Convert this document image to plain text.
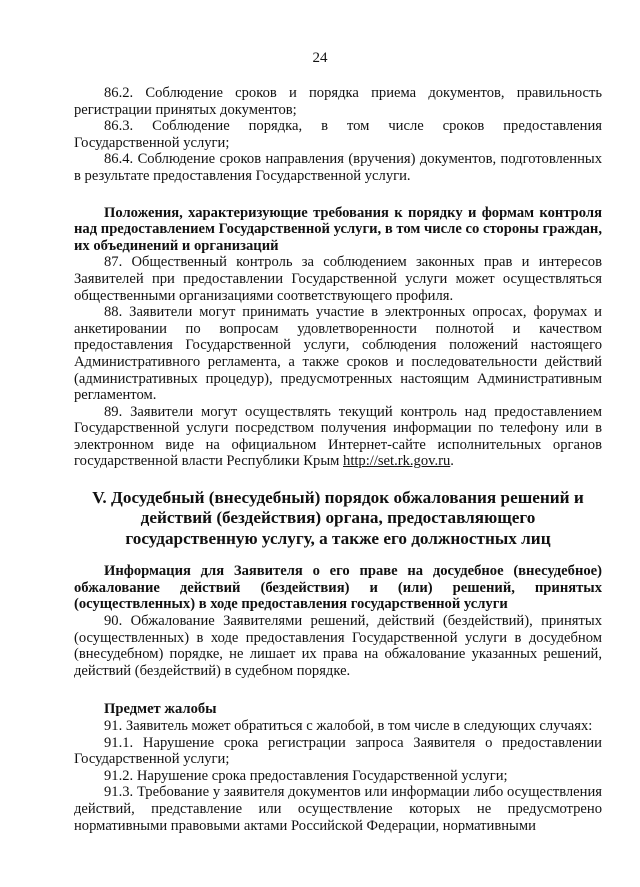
24

86.2. Соблюдение сроков и порядка приема документов, правильность регистрации принятых документов;

86.3. Соблюдение порядка, в том числе сроков предоставления Государственной услуги;

86.4. Соблюдение сроков направления (вручения) документов, подготовленных в результате предоставления Государственной услуги.

Положения, характеризующие требования к порядку и формам контроля над предоставлением Государственной услуги, в том числе со стороны граждан, их объединений и организаций

87. Общественный контроль за соблюдением законных прав и интересов Заявителей при предоставлении Государственной услуги может осуществляться общественными организациями соответствующего профиля.

88. Заявители могут принимать участие в электронных опросах, форумах и анкетировании по вопросам удовлетворенности полнотой и качеством предоставления Государственной услуги, соблюдения положений настоящего Административного регламента, а также сроков и последовательности действий (административных процедур), предусмотренных настоящим Административным регламентом.

89. Заявители могут осуществлять текущий контроль над предоставлением Государственной услуги посредством получения информации по телефону или в электронном виде на официальном Интернет-сайте исполнительных органов государственной власти Республики Крым http://set.rk.gov.ru.

V. Досудебный (внесудебный) порядок обжалования решений и действий (бездействия) органа, предоставляющего государственную услугу, а также его должностных лиц

Информация для Заявителя о его праве на досудебное (внесудебное) обжалование действий (бездействия) и (или) решений, принятых (осуществленных) в ходе предоставления государственной услуги

90. Обжалование Заявителями решений, действий (бездействий), принятых (осуществленных) в ходе предоставления Государственной услуги в досудебном (внесудебном) порядке, не лишает их права на обжалование указанных решений, действий (бездействий) в судебном порядке.

Предмет жалобы

91. Заявитель может обратиться с жалобой, в том числе в следующих случаях:

91.1. Нарушение срока регистрации запроса Заявителя о предоставлении Государственной услуги;

91.2. Нарушение срока предоставления Государственной услуги;

91.3. Требование у заявителя документов или информации либо осуществления действий, представление или осуществление которых не предусмотрено нормативными правовыми актами Российской Федерации, нормативными
